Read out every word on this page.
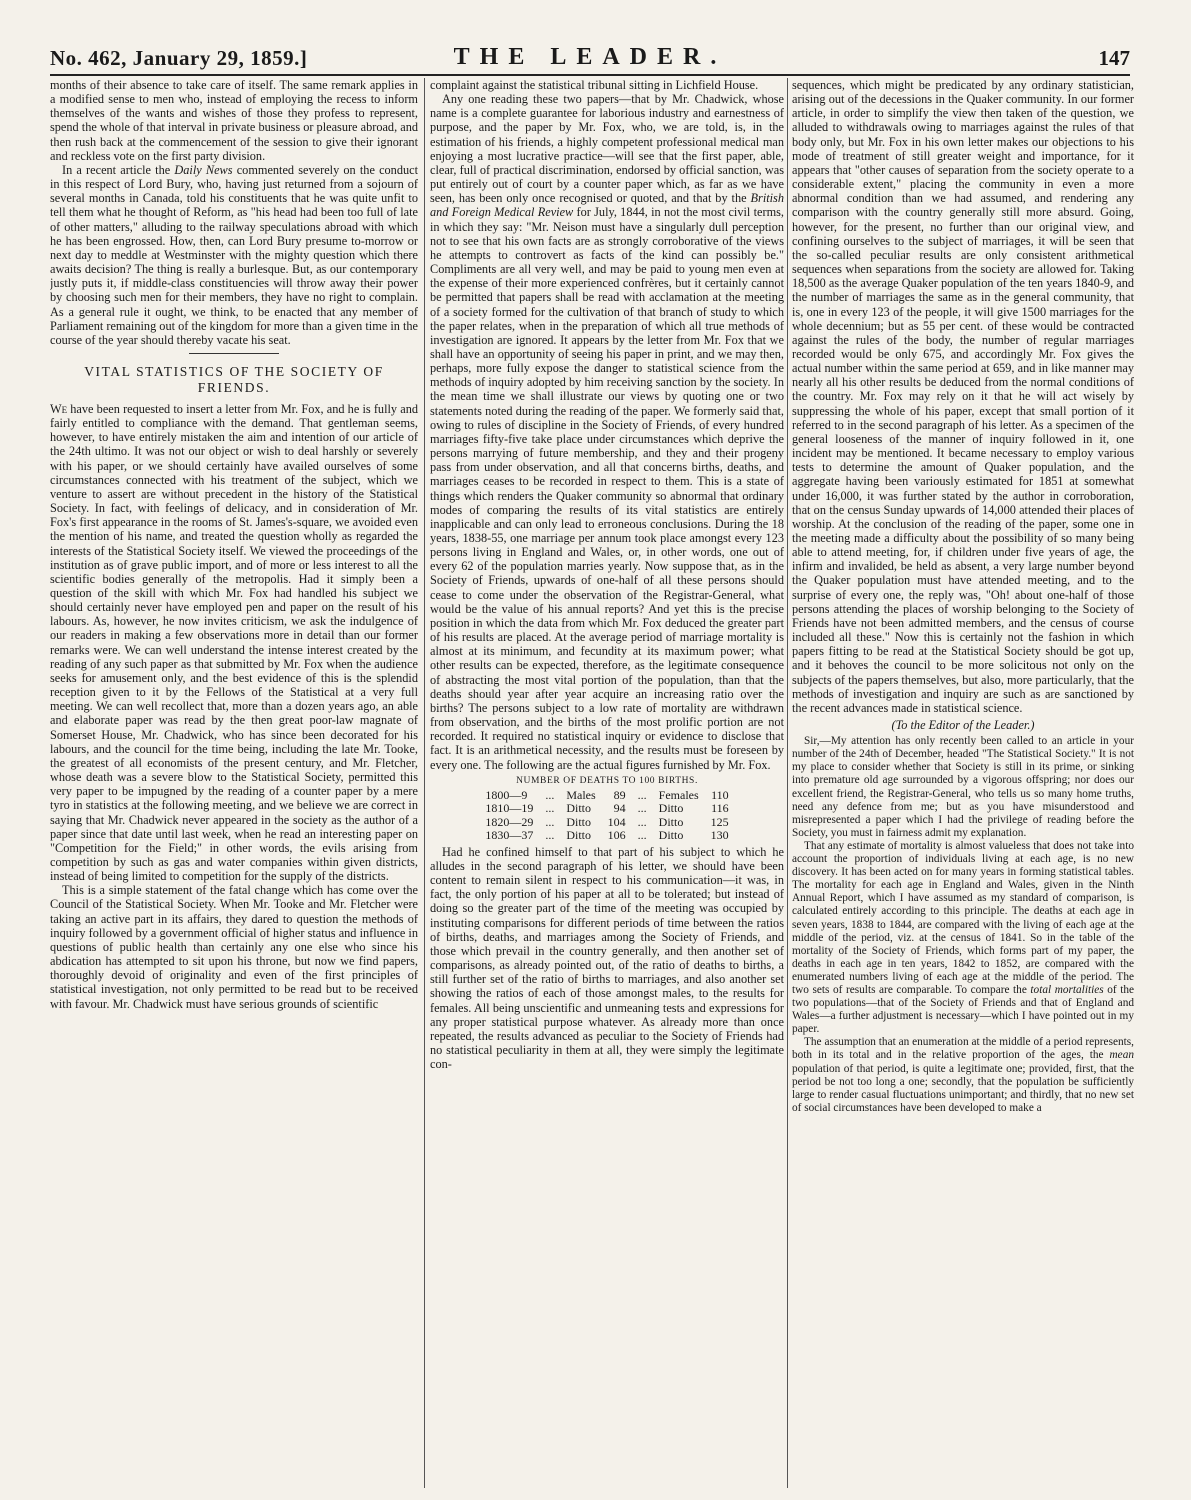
No. 462, January 29, 1859.]	THE LEADER.	147

months of their absence to take care of itself. The same remark applies in a modified sense to men who, instead of employing the recess to inform themselves of the wants and wishes of those they profess to represent, spend the whole of that interval in private business or pleasure abroad, and then rush back at the commencement of the session to give their ignorant and reckless vote on the first party division.

In a recent article the Daily News commented severely on the conduct in this respect of Lord Bury, who, having just returned from a sojourn of several months in Canada, told his constituents that he was quite unfit to tell them what he thought of Reform, as "his head had been too full of late of other matters," alluding to the railway speculations abroad with which he has been engrossed. How, then, can Lord Bury presume to-morrow or next day to meddle at Westminster with the mighty question which there awaits decision? The thing is really a burlesque. But, as our contemporary justly puts it, if middle-class constituencies will throw away their power by choosing such men for their members, they have no right to complain. As a general rule it ought, we think, to be enacted that any member of Parliament remaining out of the kingdom for more than a given time in the course of the year should thereby vacate his seat.

VITAL STATISTICS OF THE SOCIETY OF FRIENDS.

We have been requested to insert a letter from Mr. Fox, and he is fully and fairly entitled to compliance with the demand. That gentleman seems, however, to have entirely mistaken the aim and intention of our article of the 24th ultimo. It was not our object or wish to deal harshly or severely with his paper, or we should certainly have availed ourselves of some circumstances connected with his treatment of the subject, which we venture to assert are without precedent in the history of the Statistical Society. In fact, with feelings of delicacy, and in consideration of Mr. Fox's first appearance in the rooms of St. James's-square, we avoided even the mention of his name, and treated the question wholly as regarded the interests of the Statistical Society itself. We viewed the proceedings of the institution as of grave public import, and of more or less interest to all the scientific bodies generally of the metropolis. Had it simply been a question of the skill with which Mr. Fox had handled his subject we should certainly never have employed pen and paper on the result of his labours. As, however, he now invites criticism, we ask the indulgence of our readers in making a few observations more in detail than our former remarks were. We can well understand the intense interest created by the reading of any such paper as that submitted by Mr. Fox when the audience seeks for amusement only, and the best evidence of this is the splendid reception given to it by the Fellows of the Statistical at a very full meeting. We can well recollect that, more than a dozen years ago, an able and elaborate paper was read by the then great poor-law magnate of Somerset House, Mr. Chadwick, who has since been decorated for his labours, and the council for the time being, including the late Mr. Tooke, the greatest of all economists of the present century, and Mr. Fletcher, whose death was a severe blow to the Statistical Society, permitted this very paper to be impugned by the reading of a counter paper by a mere tyro in statistics at the following meeting, and we believe we are correct in saying that Mr. Chadwick never appeared in the society as the author of a paper since that date until last week, when he read an interesting paper on "Competition for the Field;" in other words, the evils arising from competition by such as gas and water companies within given districts, instead of being limited to competition for the supply of the districts.

This is a simple statement of the fatal change which has come over the Council of the Statistical Society. When Mr. Tooke and Mr. Fletcher were taking an active part in its affairs, they dared to question the methods of inquiry followed by a government official of higher status and influence in questions of public health than certainly any one else who since his abdication has attempted to sit upon his throne, but now we find papers, thoroughly devoid of originality and even of the first principles of statistical investigation, not only permitted to be read but to be received with favour. Mr. Chadwick must have serious grounds of scientific

complaint against the statistical tribunal sitting in Lichfield House.

Any one reading these two papers—that by Mr. Chadwick, whose name is a complete guarantee for laborious industry and earnestness of purpose, and the paper by Mr. Fox, who, we are told, is, in the estimation of his friends, a highly competent professional medical man enjoying a most lucrative practice—will see that the first paper, able, clear, full of practical discrimination, endorsed by official sanction, was put entirely out of court by a counter paper which, as far as we have seen, has been only once recognised or quoted, and that by the British and Foreign Medical Review for July, 1844, in not the most civil terms, in which they say: "Mr. Neison must have a singularly dull perception not to see that his own facts are as strongly corroborative of the views he attempts to controvert as facts of the kind can possibly be." Compliments are all very well, and may be paid to young men even at the expense of their more experienced confrères, but it certainly cannot be permitted that papers shall be read with acclamation at the meeting of a society formed for the cultivation of that branch of study to which the paper relates, when in the preparation of which all true methods of investigation are ignored. It appears by the letter from Mr. Fox that we shall have an opportunity of seeing his paper in print, and we may then, perhaps, more fully expose the danger to statistical science from the methods of inquiry adopted by him receiving sanction by the society. In the mean time we shall illustrate our views by quoting one or two statements noted during the reading of the paper. We formerly said that, owing to rules of discipline in the Society of Friends, of every hundred marriages fifty-five take place under circumstances which deprive the persons marrying of future membership, and they and their progeny pass from under observation, and all that concerns births, deaths, and marriages ceases to be recorded in respect to them. This is a state of things which renders the Quaker community so abnormal that ordinary modes of comparing the results of its vital statistics are entirely inapplicable and can only lead to erroneous conclusions. During the 18 years, 1838-55, one marriage per annum took place amongst every 123 persons living in England and Wales, or, in other words, one out of every 62 of the population marries yearly. Now suppose that, as in the Society of Friends, upwards of one-half of all these persons should cease to come under the observation of the Registrar-General, what would be the value of his annual reports? And yet this is the precise position in which the data from which Mr. Fox deduced the greater part of his results are placed. At the average period of marriage mortality is almost at its minimum, and fecundity at its maximum power; what other results can be expected, therefore, as the legitimate consequence of abstracting the most vital portion of the population, than that the deaths should year after year acquire an increasing ratio over the births? The persons subject to a low rate of mortality are withdrawn from observation, and the births of the most prolific portion are not recorded. It required no statistical inquiry or evidence to disclose that fact. It is an arithmetical necessity, and the results must be foreseen by every one. The following are the actual figures furnished by Mr. Fox.

NUMBER OF DEATHS TO 100 BIRTHS.
1800—9	...	Males	89	...	Females	110
1810—19	...	Ditto	94	...	Ditto	116
1820—29	...	Ditto	104	...	Ditto	125
1830—37	...	Ditto	106	...	Ditto	130

Had he confined himself to that part of his subject to which he alludes in the second paragraph of his letter, we should have been content to remain silent in respect to his communication—it was, in fact, the only portion of his paper at all to be tolerated; but instead of doing so the greater part of the time of the meeting was occupied by instituting comparisons for different periods of time between the ratios of births, deaths, and marriages among the Society of Friends, and those which prevail in the country generally, and then another set of comparisons, as already pointed out, of the ratio of deaths to births, a still further set of the ratio of births to marriages, and also another set showing the ratios of each of those amongst males, to the results for females. All being unscientific and unmeaning tests and expressions for any proper statistical purpose whatever. As already more than once repeated, the results advanced as peculiar to the Society of Friends had no statistical peculiarity in them at all, they were simply the legitimate con-

sequences, which might be predicated by any ordinary statistician, arising out of the decessions in the Quaker community. In our former article, in order to simplify the view then taken of the question, we alluded to withdrawals owing to marriages against the rules of that body only, but Mr. Fox in his own letter makes our objections to his mode of treatment of still greater weight and importance, for it appears that "other causes of separation from the society operate to a considerable extent," placing the community in even a more abnormal condition than we had assumed, and rendering any comparison with the country generally still more absurd. Going, however, for the present, no further than our original view, and confining ourselves to the subject of marriages, it will be seen that the so-called peculiar results are only consistent arithmetical sequences when separations from the society are allowed for. Taking 18,500 as the average Quaker population of the ten years 1840-9, and the number of marriages the same as in the general community, that is, one in every 123 of the people, it will give 1500 marriages for the whole decennium; but as 55 per cent. of these would be contracted against the rules of the body, the number of regular marriages recorded would be only 675, and accordingly Mr. Fox gives the actual number within the same period at 659, and in like manner may nearly all his other results be deduced from the normal conditions of the country. Mr. Fox may rely on it that he will act wisely by suppressing the whole of his paper, except that small portion of it referred to in the second paragraph of his letter. As a specimen of the general looseness of the manner of inquiry followed in it, one incident may be mentioned. It became necessary to employ various tests to determine the amount of Quaker population, and the aggregate having been variously estimated for 1851 at somewhat under 16,000, it was further stated by the author in corroboration, that on the census Sunday upwards of 14,000 attended their places of worship. At the conclusion of the reading of the paper, some one in the meeting made a difficulty about the possibility of so many being able to attend meeting, for, if children under five years of age, the infirm and invalided, be held as absent, a very large number beyond the Quaker population must have attended meeting, and to the surprise of every one, the reply was, "Oh! about one-half of those persons attending the places of worship belonging to the Society of Friends have not been admitted members, and the census of course included all these." Now this is certainly not the fashion in which papers fitting to be read at the Statistical Society should be got up, and it behoves the council to be more solicitous not only on the subjects of the papers themselves, but also, more particularly, that the methods of investigation and inquiry are such as are sanctioned by the recent advances made in statistical science.

(To the Editor of the Leader.)

Sir,—My attention has only recently been called to an article in your number of the 24th of December, headed "The Statistical Society." It is not my place to consider whether that Society is still in its prime, or sinking into premature old age surrounded by a vigorous offspring; nor does our excellent friend, the Registrar-General, who tells us so many home truths, need any defence from me; but as you have misunderstood and misrepresented a paper which I had the privilege of reading before the Society, you must in fairness admit my explanation.

That any estimate of mortality is almost valueless that does not take into account the proportion of individuals living at each age, is no new discovery. It has been acted on for many years in forming statistical tables. The mortality for each age in England and Wales, given in the Ninth Annual Report, which I have assumed as my standard of comparison, is calculated entirely according to this principle. The deaths at each age in seven years, 1838 to 1844, are compared with the living of each age at the middle of the period, viz. at the census of 1841. So in the table of the mortality of the Society of Friends, which forms part of my paper, the deaths in each age in ten years, 1842 to 1852, are compared with the enumerated numbers living of each age at the middle of the period. The two sets of results are comparable. To compare the total mortalities of the two populations—that of the Society of Friends and that of England and Wales—a further adjustment is necessary—which I have pointed out in my paper.

The assumption that an enumeration at the middle of a period represents, both in its total and in the relative proportion of the ages, the mean population of that period, is quite a legitimate one; provided, first, that the period be not too long a one; secondly, that the population be sufficiently large to render casual fluctuations unimportant; and thirdly, that no new set of social circumstances have been developed to make a
